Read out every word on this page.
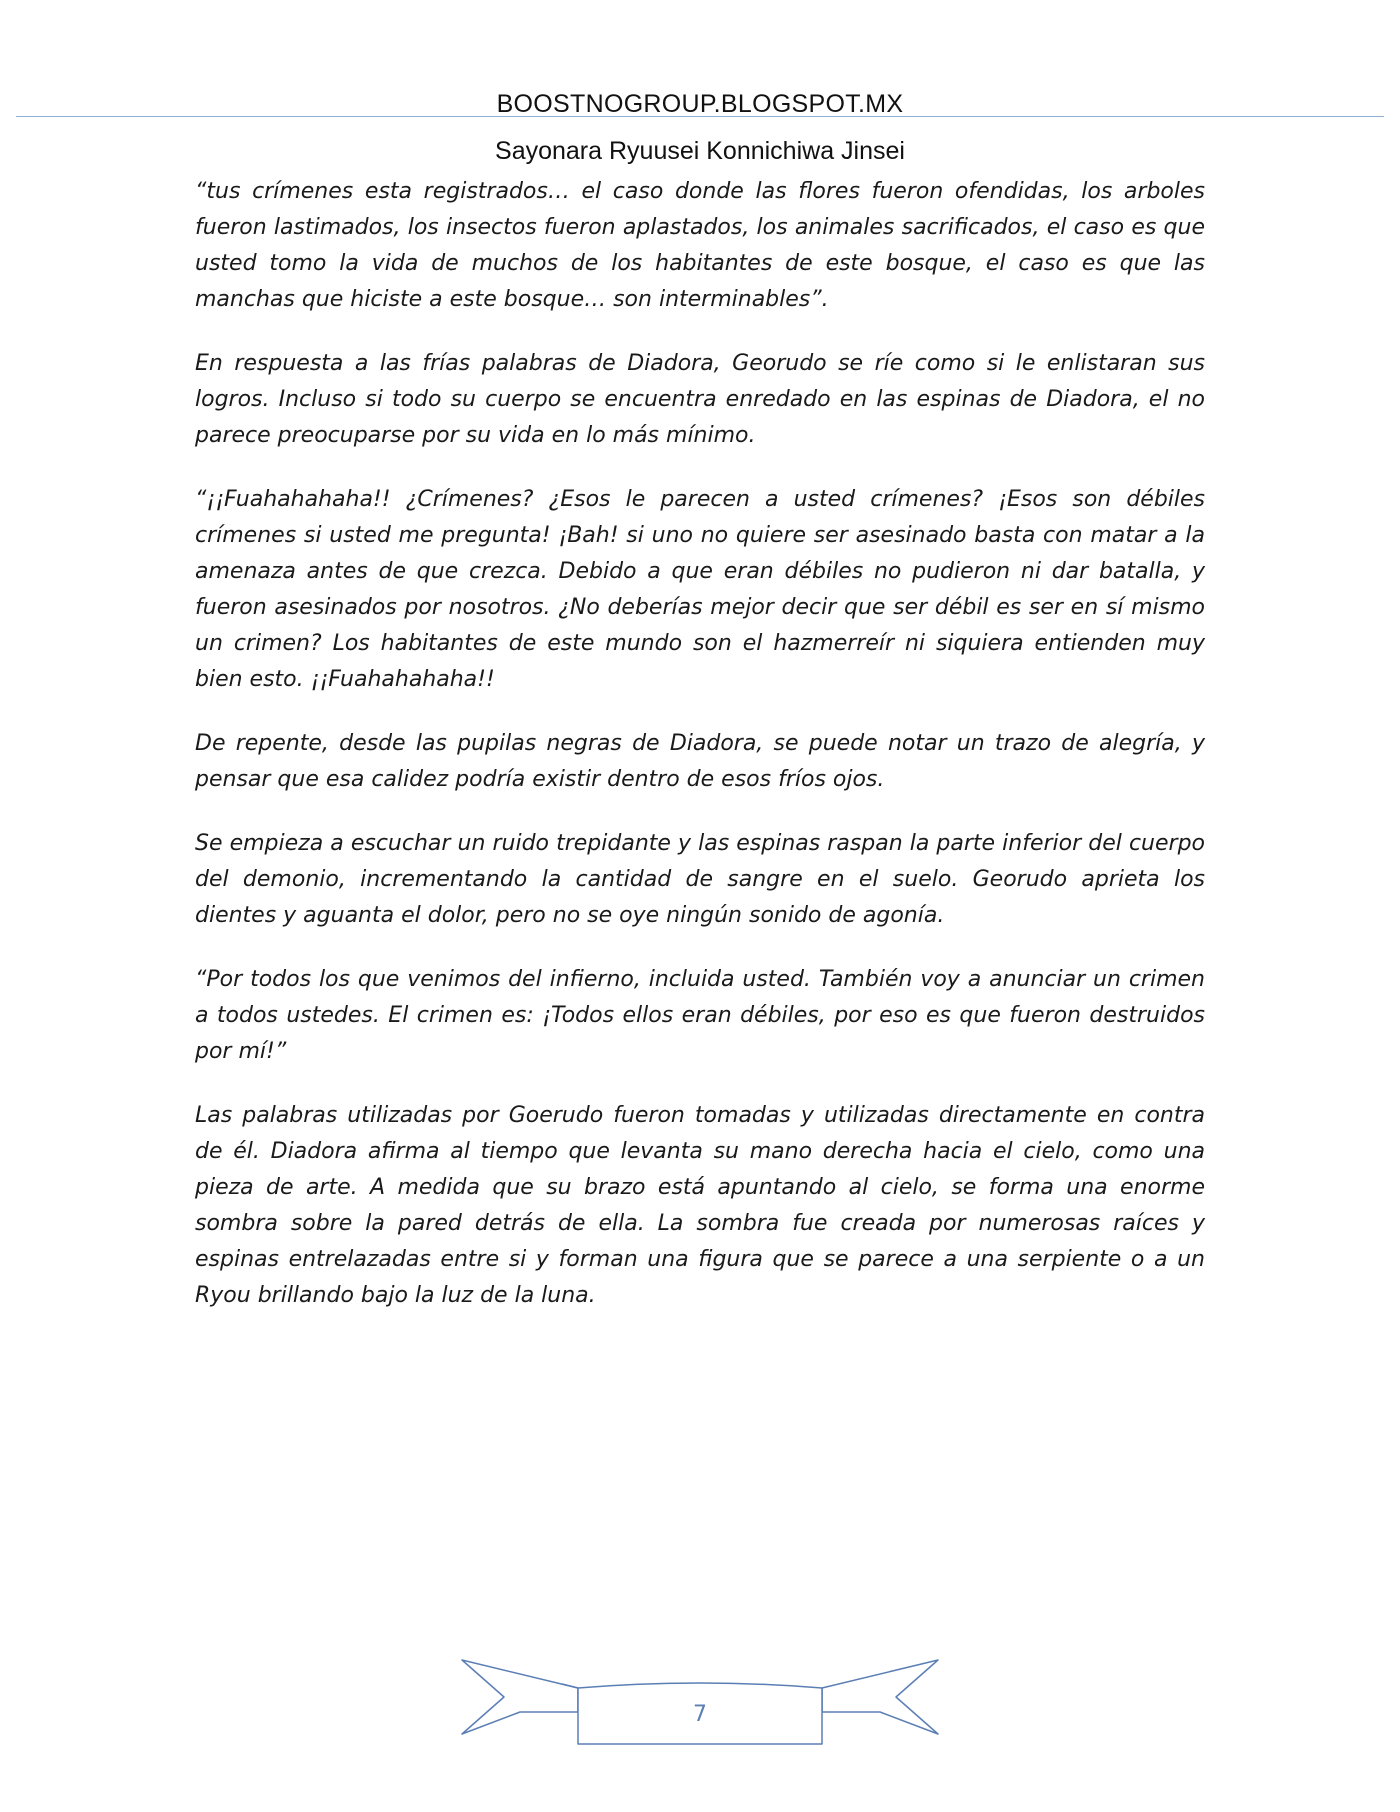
BOOSTNOGROUP.BLOGSPOT.MX
Sayonara Ryuusei Konnichiwa Jinsei

“tus crímenes esta registrados… el caso donde las flores fueron ofendidas, los arboles fueron lastimados, los insectos fueron aplastados, los animales sacrificados, el caso es que usted tomo la vida de muchos de los habitantes de este bosque, el caso es que las manchas que hiciste a este bosque… son interminables”.

En respuesta a las frías palabras de Diadora, Georudo se ríe como si le enlistaran sus logros. Incluso si todo su cuerpo se encuentra enredado en las espinas de Diadora, el no parece preocuparse por su vida en lo más mínimo.

“¡¡Fuahahahaha!! ¿Crímenes? ¿Esos le parecen a usted crímenes? ¡Esos son débiles crímenes si usted me pregunta! ¡Bah! si uno no quiere ser asesinado basta con matar a la amenaza antes de que crezca. Debido a que eran débiles no pudieron ni dar batalla, y fueron asesinados por nosotros. ¿No deberías mejor decir que ser débil es ser en sí mismo un crimen? Los habitantes de este mundo son el hazmerreír ni siquiera entienden muy bien esto. ¡¡Fuahahahaha!!

De repente, desde las pupilas negras de Diadora, se puede notar un trazo de alegría, y pensar que esa calidez podría existir dentro de esos fríos ojos.

Se empieza a escuchar un ruido trepidante y las espinas raspan la parte inferior del cuerpo del demonio, incrementando la cantidad de sangre en el suelo. Georudo aprieta los dientes y aguanta el dolor, pero no se oye ningún sonido de agonía.

“Por todos los que venimos del infierno, incluida usted. También voy a anunciar un crimen a todos ustedes. El crimen es: ¡Todos ellos eran débiles, por eso es que fueron destruidos por mí!”

Las palabras utilizadas por Goerudo fueron tomadas y utilizadas directamente en contra de él. Diadora afirma al tiempo que levanta su mano derecha hacia el cielo, como una pieza de arte. A medida que su brazo está apuntando al cielo, se forma una enorme sombra sobre la pared detrás de ella. La sombra fue creada por numerosas raíces y espinas entrelazadas entre si y forman una figura que se parece a una serpiente o a un Ryou brillando bajo la luz de la luna.

7
